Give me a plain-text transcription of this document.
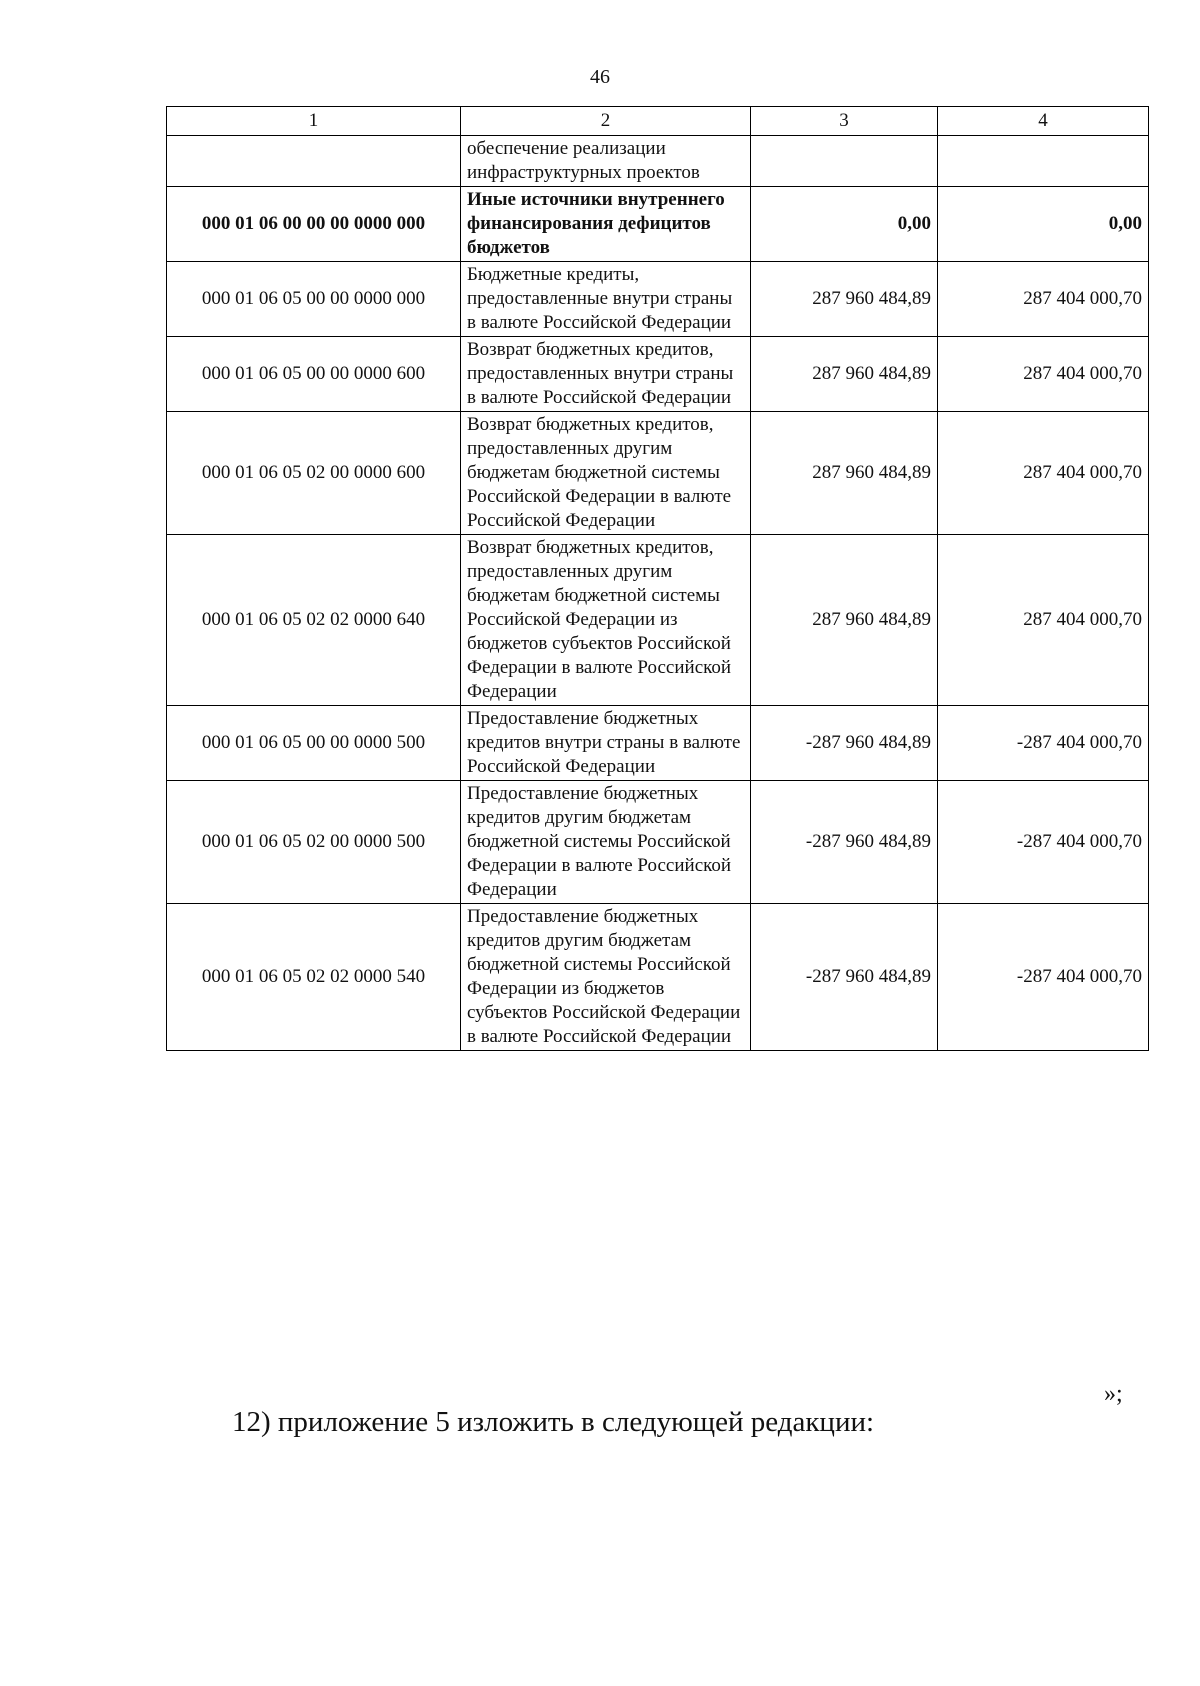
46
1	2	3	4
	обеспечение реализации инфраструктурных проектов		
000 01 06 00 00 00 0000 000	Иные источники внутреннего финансирования дефицитов бюджетов	0,00	0,00
000 01 06 05 00 00 0000 000	Бюджетные кредиты, предоставленные внутри страны в валюте Российской Федерации	287 960 484,89	287 404 000,70
000 01 06 05 00 00 0000 600	Возврат бюджетных кредитов, предоставленных внутри страны в валюте Российской Федерации	287 960 484,89	287 404 000,70
000 01 06 05 02 00 0000 600	Возврат бюджетных кредитов, предоставленных другим бюджетам бюджетной системы Российской Федерации в валюте Российской Федерации	287 960 484,89	287 404 000,70
000 01 06 05 02 02 0000 640	Возврат бюджетных кредитов, предоставленных другим бюджетам бюджетной системы Российской Федерации из бюджетов субъектов Российской Федерации в валюте Российской Федерации	287 960 484,89	287 404 000,70
000 01 06 05 00 00 0000 500	Предоставление бюджетных кредитов внутри страны в валюте Российской Федерации	-287 960 484,89	-287 404 000,70
000 01 06 05 02 00 0000 500	Предоставление бюджетных кредитов другим бюджетам бюджетной системы Российской Федерации в валюте Российской Федерации	-287 960 484,89	-287 404 000,70
000 01 06 05 02 02 0000 540	Предоставление бюджетных кредитов другим бюджетам бюджетной системы Российской Федерации из бюджетов субъектов Российской Федерации в валюте Российской Федерации	-287 960 484,89	-287 404 000,70
»;
12) приложение 5 изложить в следующей редакции:
